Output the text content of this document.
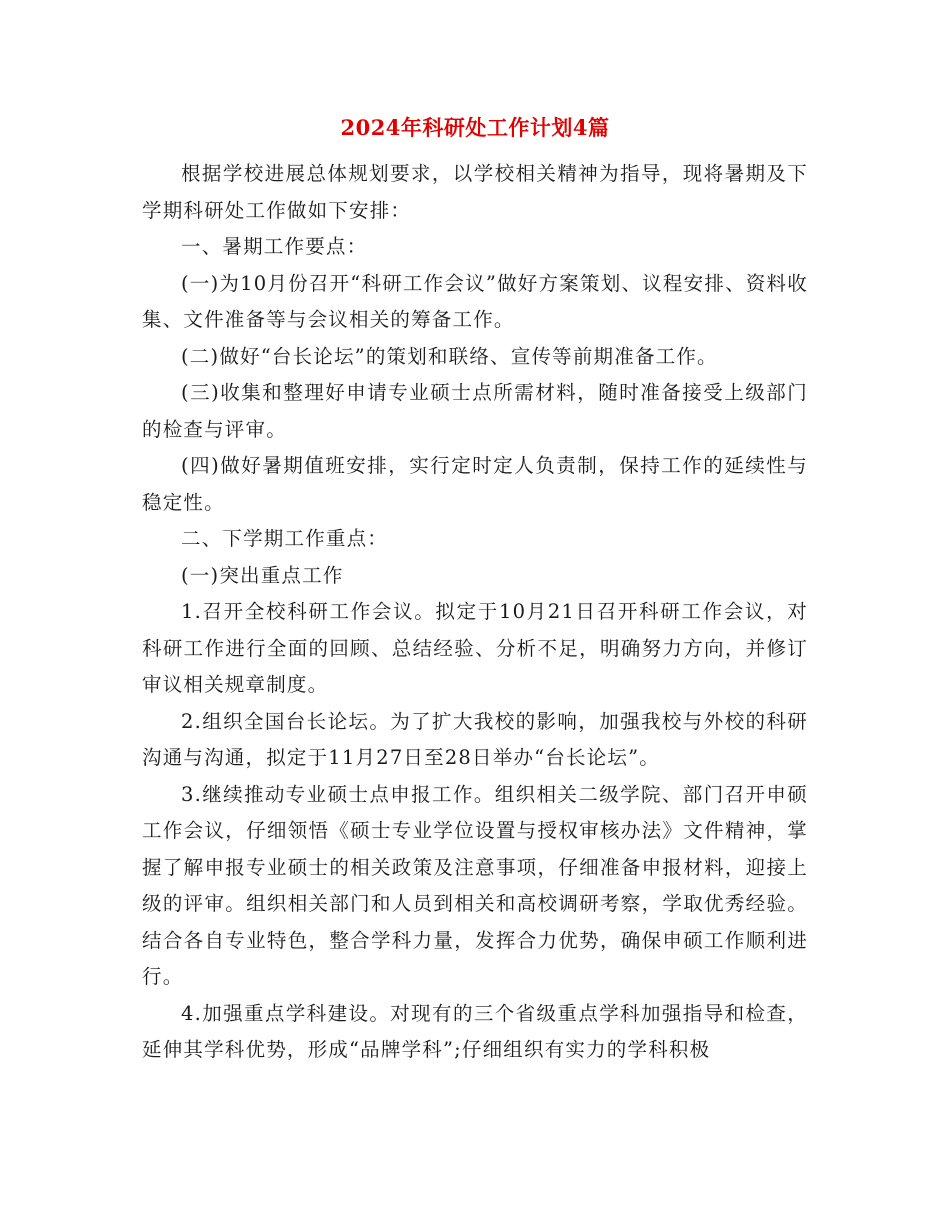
2024年科研处工作计划4篇

根据学校进展总体规划要求，以学校相关精神为指导，现将暑期及下学期科研处工作做如下安排：

一、暑期工作要点：

(一)为10月份召开“科研工作会议”做好方案策划、议程安排、资料收集、文件准备等与会议相关的筹备工作。

(二)做好“台长论坛”的策划和联络、宣传等前期准备工作。

(三)收集和整理好申请专业硕士点所需材料，随时准备接受上级部门的检查与评审。

(四)做好暑期值班安排，实行定时定人负责制，保持工作的延续性与稳定性。

二、下学期工作重点：

(一)突出重点工作

1.召开全校科研工作会议。拟定于10月21日召开科研工作会议，对科研工作进行全面的回顾、总结经验、分析不足，明确努力方向，并修订审议相关规章制度。

2.组织全国台长论坛。为了扩大我校的影响，加强我校与外校的科研沟通与沟通，拟定于11月27日至28日举办“台长论坛”。

3.继续推动专业硕士点申报工作。组织相关二级学院、部门召开申硕工作会议，仔细领悟《硕士专业学位设置与授权审核办法》文件精神，掌握了解申报专业硕士的相关政策及注意事项，仔细准备申报材料，迎接上级的评审。组织相关部门和人员到相关和高校调研考察，学取优秀经验。结合各自专业特色，整合学科力量，发挥合力优势，确保申硕工作顺利进行。

4.加强重点学科建设。对现有的三个省级重点学科加强指导和检查，延伸其学科优势，形成“品牌学科”;仔细组织有实力的学科积极
